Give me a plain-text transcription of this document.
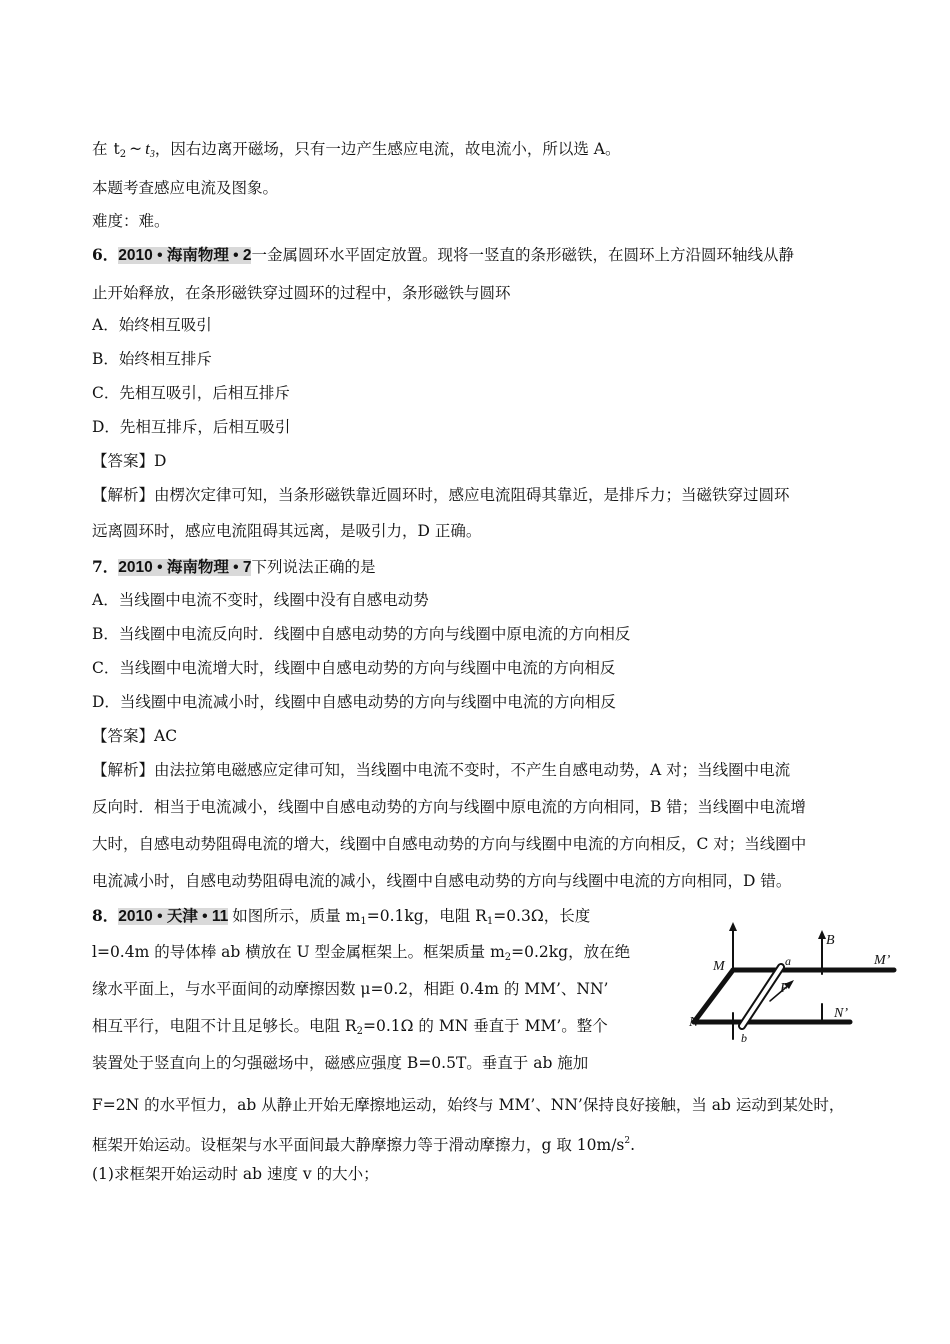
在 $t_2$ ~ $t_3$，因右边离开磁场，只有一边产生感应电流，故电流小，所以选 A。
本题考查感应电流及图象。
难度：难。
6．2010 • 海南物理 • 2一金属圆环水平固定放置。现将一竖直的条形磁铁，在圆环上方沿圆环轴线从静
止开始释放，在条形磁铁穿过圆环的过程中，条形磁铁与圆环
A．始终相互吸引
B．始终相互排斥
C．先相互吸引，后相互排斥
D．先相互排斥，后相互吸引
【答案】D
【解析】由楞次定律可知，当条形磁铁靠近圆环时，感应电流阻碍其靠近，是排斥力；当磁铁穿过圆环
远离圆环时，感应电流阻碍其远离，是吸引力，D 正确。
7．2010 • 海南物理 • 7下列说法正确的是
A．当线圈中电流不变时，线圈中没有自感电动势
B．当线圈中电流反向时．线圈中自感电动势的方向与线圈中原电流的方向相反
C．当线圈中电流增大时，线圈中自感电动势的方向与线圈中电流的方向相反
D．当线圈中电流减小时，线圈中自感电动势的方向与线圈中电流的方向相反
【答案】AC
【解析】由法拉第电磁感应定律可知，当线圈中电流不变时，不产生自感电动势，A 对；当线圈中电流
反向时．相当于电流减小，线圈中自感电动势的方向与线圈中原电流的方向相同，B 错；当线圈中电流增
大时，自感电动势阻碍电流的增大，线圈中自感电动势的方向与线圈中电流的方向相反，C 对；当线圈中
电流减小时，自感电动势阻碍电流的减小，线圈中自感电动势的方向与线圈中电流的方向相同，D 错。
8．2010 • 天津 • 11 如图所示，质量 $m_1=0.1kg$，电阻 $R_1=0.3\Omega$，长度
l=0.4m 的导体棒 ab 横放在 U 型金属框架上。框架质量 $m_2=0.2kg$，放在绝
缘水平面上，与水平面间的动摩擦因数 μ=0.2，相距 0.4m 的 MM’、NN’
相互平行，电阻不计且足够长。电阻 $R_2=0.1\Omega$ 的 MN 垂直于 MM’。整个
装置处于竖直向上的匀强磁场中，磁感应强度 B=0.5T。垂直于 ab 施加
F=2N 的水平恒力，ab 从静止开始无摩擦地运动，始终与 MM’、NN’保持良好接触，当 ab 运动到某处时，
框架开始运动。设框架与水平面间最大静摩擦力等于滑动摩擦力，g 取 $10m/s^2$.
(1)求框架开始运动时 ab 速度 v 的大小；
M	M’
N
N’
B
F
a
b
